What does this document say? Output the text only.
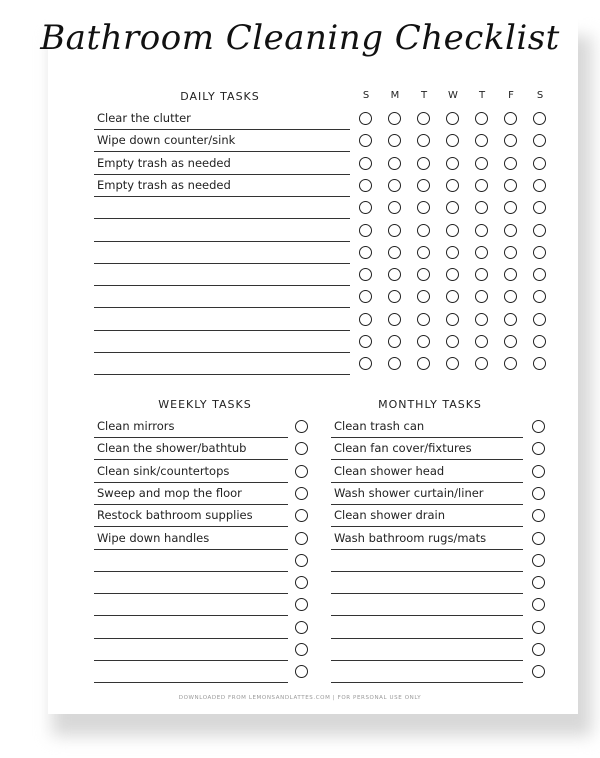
Bathroom Cleaning Checklist
DAILY TASKS	S	M	T	W	T	F	S
Clear the clutter
Wipe down counter/sink
Empty trash as needed
Empty trash as needed
WEEKLY TASKS
Clean mirrors
Clean the shower/bathtub
Clean sink/countertops
Sweep and mop the floor
Restock bathroom supplies
Wipe down handles
MONTHLY TASKS
Clean trash can
Clean fan cover/fixtures
Clean shower head
Wash shower curtain/liner
Clean shower drain
Wash bathroom rugs/mats
DOWNLOADED FROM LEMONSANDLATTES.COM | FOR PERSONAL USE ONLY
